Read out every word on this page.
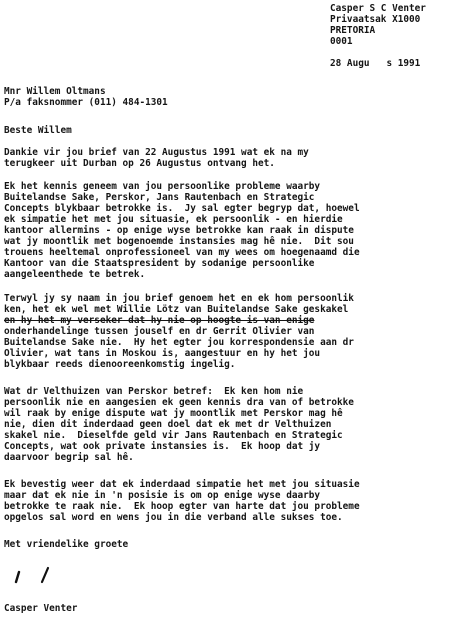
Casper S C Venter
Privaatsak X1000
PRETORIA
0001
28 Augu   s 1991
Mnr Willem Oltmans
P/a faksnommer (011) 484-1301
Beste Willem
Dankie vir jou brief van 22 Augustus 1991 wat ek na my
terugkeer uit Durban op 26 Augustus ontvang het.
Ek het kennis geneem van jou persoonlike probleme waarby
Buitelandse Sake, Perskor, Jans Rautenbach en Strategic
Concepts blykbaar betrokke is.  Jy sal egter begryp dat, hoewel
ek simpatie het met jou situasie, ek persoonlik - en hierdie
kantoor allermins - op enige wyse betrokke kan raak in dispute
wat jy moontlik met bogenoemde instansies mag hê nie.  Dit sou
trouens heeltemal onprofessioneel van my wees om hoegenaamd die
Kantoor van die Staatspresident by sodanige persoonlike
aangeleenthede te betrek.
Terwyl jy sy naam in jou brief genoem het en ek hom persoonlik
ken, het ek wel met Willie Lötz van Buitelandse Sake geskakel
en hy het my verseker dat hy nie op hoogte is van enige
onderhandelinge tussen jouself en dr Gerrit Olivier van
Buitelandse Sake nie.  Hy het egter jou korrespondensie aan dr
Olivier, wat tans in Moskou is, aangestuur en hy het jou
blykbaar reeds dienooreenkomstig ingelig.
Wat dr Velthuizen van Perskor betref:  Ek ken hom nie
persoonlik nie en aangesien ek geen kennis dra van of betrokke
wil raak by enige dispute wat jy moontlik met Perskor mag hê
nie, dien dit inderdaad geen doel dat ek met dr Velthuizen
skakel nie.  Dieselfde geld vir Jans Rautenbach en Strategic
Concepts, wat ook private instansies is.  Ek hoop dat jy
daarvoor begrip sal hê.
Ek bevestig weer dat ek inderdaad simpatie het met jou situasie
maar dat ek nie in 'n posisie is om op enige wyse daarby
betrokke te raak nie.  Ek hoop egter van harte dat jou probleme
opgelos sal word en wens jou in die verband alle sukses toe.
Met vriendelike groete
Casper Venter
